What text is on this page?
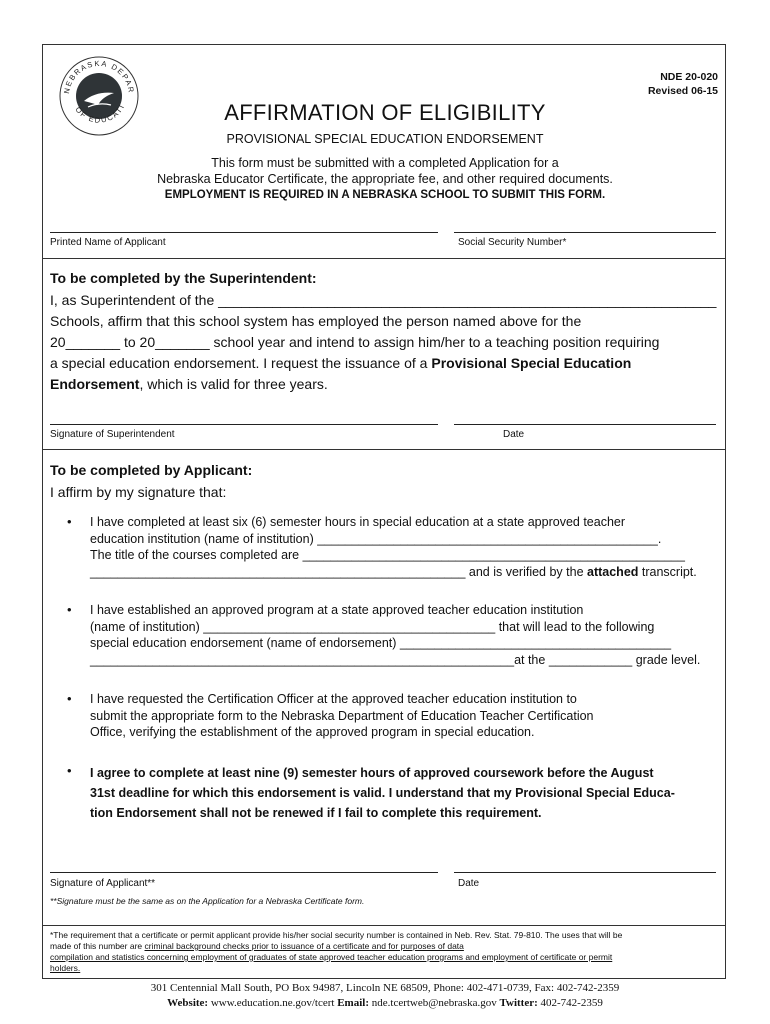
NEBRASKA DEPAR
OF EDUCATI
NDE 20-020
Revised 06-15
AFFIRMATION OF ELIGIBILITY
PROVISIONAL SPECIAL EDUCATION ENDORSEMENT
This form must be submitted with a completed Application for a
Nebraska Educator Certificate, the appropriate fee, and other required documents.
EMPLOYMENT IS REQUIRED IN A NEBRASKA SCHOOL TO SUBMIT THIS FORM.
Printed Name of Applicant	Social Security Number*
To be completed by the Superintendent:
I, as Superintendent of the ________________________________________________________________
Schools, affirm that this school system has employed the person named above for the
20_______ to 20_______ school year and intend to assign him/her to a teaching position requiring
a special education endorsement. I request the issuance of a Provisional Special Education
Endorsement, which is valid for three years.
Signature of Superintendent	Date
To be completed by Applicant:
I affirm by my signature that:
• I have completed at least six (6) semester hours in special education at a state approved teacher
education institution (name of institution) _________________________________________________.
The title of the courses completed are _______________________________________________________
______________________________________________________ and is verified by the attached transcript.
• I have established an approved program at a state approved teacher education institution
(name of institution) __________________________________________ that will lead to the following
special education endorsement (name of endorsement) _______________________________________
_____________________________________________________________at the ____________ grade level.
• I have requested the Certification Officer at the approved teacher education institution to
submit the appropriate form to the Nebraska Department of Education Teacher Certification
Office, verifying the establishment of the approved program in special education.
• I agree to complete at least nine (9) semester hours of approved coursework before the August
31st deadline for which this endorsement is valid. I understand that my Provisional Special Educa-
tion Endorsement shall not be renewed if I fail to complete this requirement.
Signature of Applicant**	Date
**Signature must be the same as on the Application for a Nebraska Certificate form.
*The requirement that a certificate or permit applicant provide his/her social security number is contained in Neb. Rev. Stat. 79-810. The uses that will be
made of this number are criminal background checks prior to issuance of a certificate and for purposes of data
compilation and statistics concerning employment of graduates of state approved teacher education programs and employment of certificate or permit
holders.
301 Centennial Mall South, PO Box 94987, Lincoln NE 68509, Phone: 402-471-0739, Fax: 402-742-2359
Website: www.education.ne.gov/tcert Email: nde.tcertweb@nebraska.gov Twitter: 402-742-2359
